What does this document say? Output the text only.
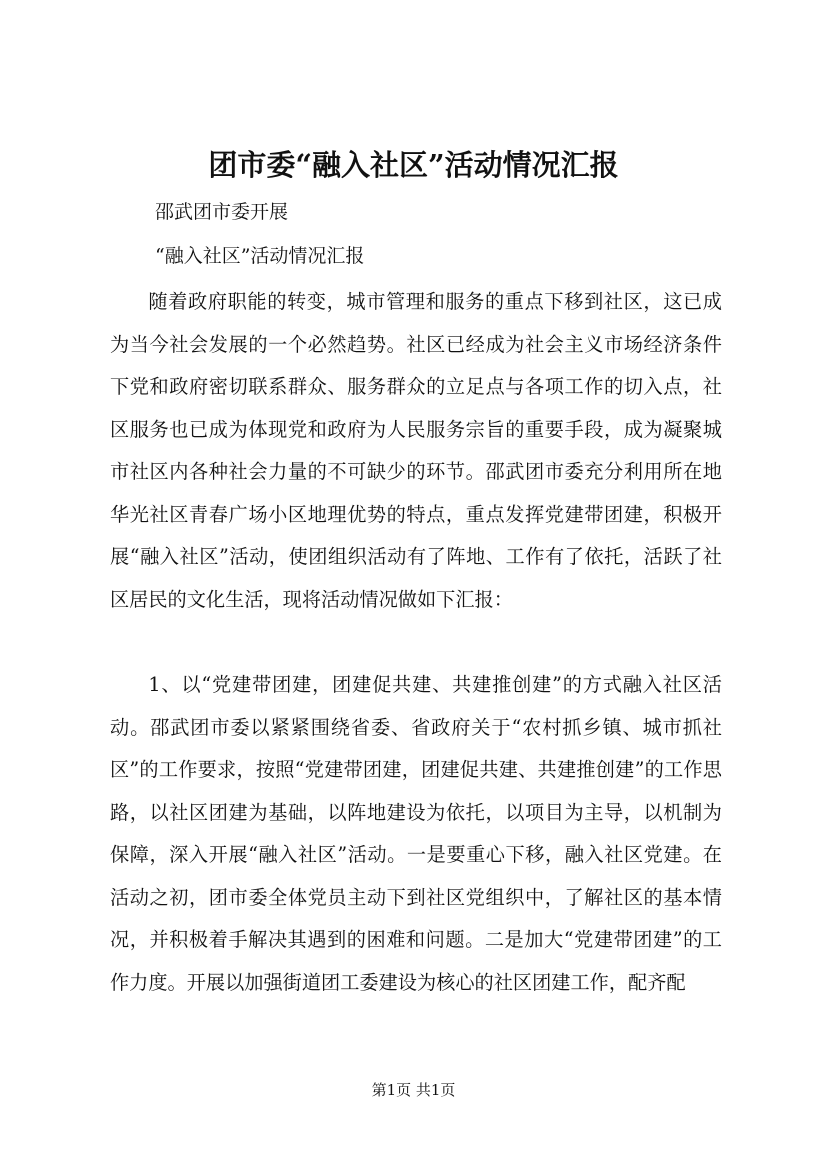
团市委“融入社区”活动情况汇报

邵武团市委开展

“融入社区”活动情况汇报

随着政府职能的转变，城市管理和服务的重点下移到社区，这已成为当今社会发展的一个必然趋势。社区已经成为社会主义市场经济条件下党和政府密切联系群众、服务群众的立足点与各项工作的切入点，社区服务也已成为体现党和政府为人民服务宗旨的重要手段，成为凝聚城市社区内各种社会力量的不可缺少的环节。邵武团市委充分利用所在地华光社区青春广场小区地理优势的特点，重点发挥党建带团建，积极开展“融入社区”活动，使团组织活动有了阵地、工作有了依托，活跃了社区居民的文化生活，现将活动情况做如下汇报：

1、以“党建带团建，团建促共建、共建推创建”的方式融入社区活动。邵武团市委以紧紧围绕省委、省政府关于“农村抓乡镇、城市抓社区”的工作要求，按照“党建带团建，团建促共建、共建推创建”的工作思路，以社区团建为基础，以阵地建设为依托，以项目为主导，以机制为保障，深入开展“融入社区”活动。一是要重心下移，融入社区党建。在活动之初，团市委全体党员主动下到社区党组织中，了解社区的基本情况，并积极着手解决其遇到的困难和问题。二是加大“党建带团建”的工作力度。开展以加强街道团工委建设为核心的社区团建工作，配齐配

第1页 共1页
